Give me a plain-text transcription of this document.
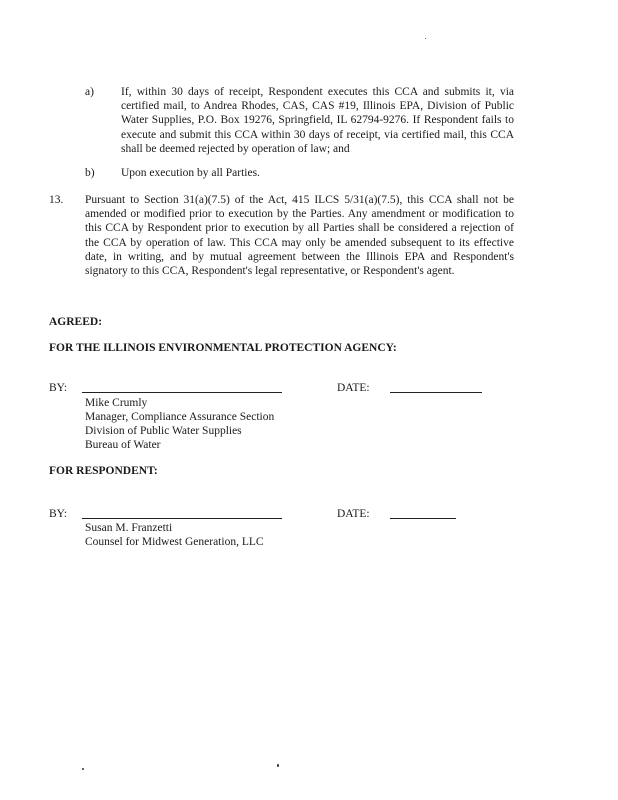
a) If, within 30 days of receipt, Respondent executes this CCA and submits it, via certified mail, to Andrea Rhodes, CAS, CAS #19, Illinois EPA, Division of Public Water Supplies, P.O. Box 19276, Springfield, IL 62794-9276. If Respondent fails to execute and submit this CCA within 30 days of receipt, via certified mail, this CCA shall be deemed rejected by operation of law; and
b) Upon execution by all Parties.
13. Pursuant to Section 31(a)(7.5) of the Act, 415 ILCS 5/31(a)(7.5), this CCA shall not be amended or modified prior to execution by the Parties. Any amendment or modification to this CCA by Respondent prior to execution by all Parties shall be considered a rejection of the CCA by operation of law. This CCA may only be amended subsequent to its effective date, in writing, and by mutual agreement between the Illinois EPA and Respondent's signatory to this CCA, Respondent's legal representative, or Respondent's agent.
AGREED:
FOR THE ILLINOIS ENVIRONMENTAL PROTECTION AGENCY:
BY:	DATE:
Mike Crumly
Manager, Compliance Assurance Section
Division of Public Water Supplies
Bureau of Water
FOR RESPONDENT:
BY:	DATE:
Susan M. Franzetti
Counsel for Midwest Generation, LLC
